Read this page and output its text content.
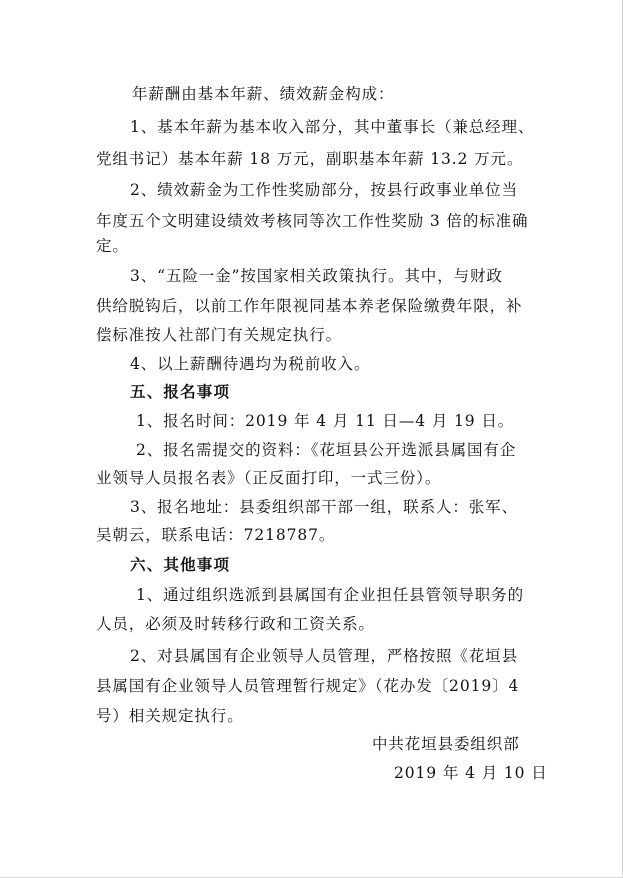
年薪酬由基本年薪、绩效薪金构成：
1、基本年薪为基本收入部分，其中董事长（兼总经理、
党组书记）基本年薪 18 万元，副职基本年薪 13.2 万元。
2、绩效薪金为工作性奖励部分，按县行政事业单位当
年度五个文明建设绩效考核同等次工作性奖励 3 倍的标准确
定。
3、“五险一金”按国家相关政策执行。其中，与财政
供给脱钩后，以前工作年限视同基本养老保险缴费年限，补
偿标准按人社部门有关规定执行。
4、以上薪酬待遇均为税前收入。
五、报名事项
1、报名时间：2019 年 4 月 11 日—4 月 19 日。
2、报名需提交的资料：《花垣县公开选派县属国有企
业领导人员报名表》（正反面打印，一式三份）。
3、报名地址：县委组织部干部一组，联系人：张军、
吴朝云，联系电话：7218787。
六、其他事项
1、通过组织选派到县属国有企业担任县管领导职务的
人员，必须及时转移行政和工资关系。
2、对县属国有企业领导人员管理，严格按照《花垣县
县属国有企业领导人员管理暂行规定》（花办发〔2019〕4
号）相关规定执行。
中共花垣县委组织部
2019 年 4 月 10 日
